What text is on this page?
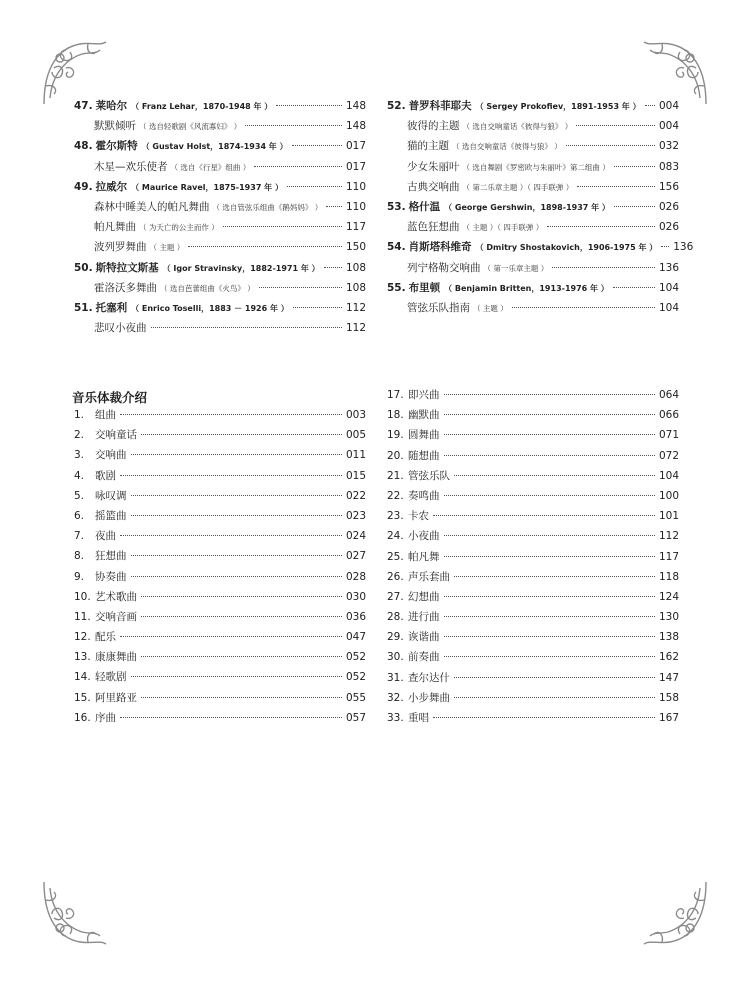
47. 莱哈尔 （ Franz Lehar，1870-1948 年 ）	148
默默倾听 （ 选自轻歌剧《风流寡妇》 ）	148
48. 霍尔斯特 （ Gustav Holst，1874-1934 年 ）	017
木星—欢乐使者 （ 选自《行星》组曲 ）	017
49. 拉威尔 （ Maurice Ravel，1875-1937 年 ）	110
森林中睡美人的帕凡舞曲 （ 选自管弦乐组曲《鹅妈妈》 ） 110
帕凡舞曲 （ 为夭亡的公主而作 ）	117
波列罗舞曲 （ 主题 ）	150
50. 斯特拉文斯基 （ Igor Stravinsky，1882-1971 年 ）	108
霍洛沃多舞曲 （ 选自芭蕾组曲《火鸟》 ）	108
51. 托塞利 （ Enrico Toselli，1883 － 1926 年 ）	112
悲叹小夜曲	112
52. 普罗科菲耶夫 （ Sergey Prokofiev，1891-1953 年 ） 004
彼得的主题 （ 选自交响童话《彼得与狼》 ）	004
猫的主题 （ 选自交响童话《彼得与狼》 ）	032
少女朱丽叶 （ 选自舞剧《罗密欧与朱丽叶》第二组曲 ）	083
古典交响曲 （ 第二乐章主题 ）（ 四手联弹 ）	156
53. 格什温 （ George Gershwin，1898-1937 年 ）	026
蓝色狂想曲 （ 主题 ）（ 四手联弹 ）	026
54. 肖斯塔科维奇 （ Dmitry Shostakovich，1906-1975 年 ） 136
列宁格勒交响曲 （ 第一乐章主题 ）	136
55. 布里顿 （ Benjamin Britten，1913-1976 年 ）	104
管弦乐队指南 （ 主题 ）	104
音乐体裁介绍
1.	组曲	003
2.	交响童话	005
3.	交响曲	011
4.	歌剧	015
5.	咏叹调	022
6.	摇篮曲	023
7.	夜曲	024
8.	狂想曲	027
9.	协奏曲	028
10. 艺术歌曲	030
11. 交响音画	036
12. 配乐	047
13. 康康舞曲	052
14. 轻歌剧	052
15. 阿里路亚	055
16. 序曲	057
17. 即兴曲	064
18. 幽默曲	066
19. 圆舞曲	071
20. 随想曲	072
21. 管弦乐队	104
22. 奏鸣曲	100
23. 卡农	101
24. 小夜曲	112
25. 帕凡舞	117
26. 声乐套曲	118
27. 幻想曲	124
28. 进行曲	130
29. 诙谐曲	138
30. 前奏曲	162
31. 查尔达什	147
32. 小步舞曲	158
33. 重唱	167
